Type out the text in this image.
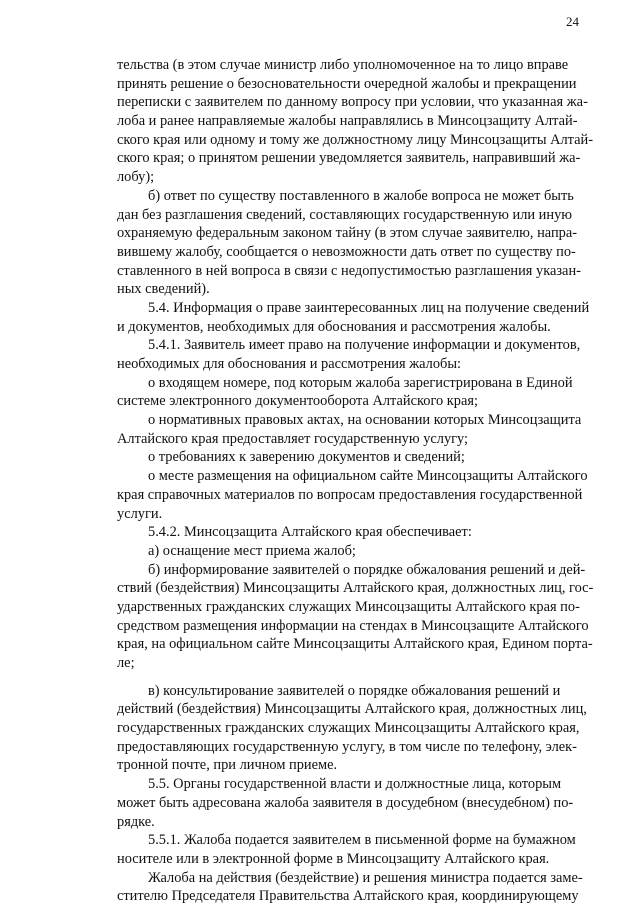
24
тельства (в этом случае министр либо уполномоченное на то лицо вправе
принять решение о безосновательности очередной жалобы и прекращении
переписки с заявителем по данному вопросу при условии, что указанная жа-
лоба и ранее направляемые жалобы направлялись в Минсоцзащиту Алтай-
ского края или одному и тому же должностному лицу Минсоцзащиты Алтай-
ского края; о принятом решении уведомляется заявитель, направивший жа-
лобу);
б) ответ по существу поставленного в жалобе вопроса не может быть
дан без разглашения сведений, составляющих государственную или иную
охраняемую федеральным законом тайну (в этом случае заявителю, напра-
вившему жалобу, сообщается о невозможности дать ответ по существу по-
ставленного в ней вопроса в связи с недопустимостью разглашения указан-
ных сведений).
5.4. Информация о праве заинтересованных лиц на получение сведений
и документов, необходимых для обоснования и рассмотрения жалобы.
5.4.1. Заявитель имеет право на получение информации и документов,
необходимых для обоснования и рассмотрения жалобы:
о входящем номере, под которым жалоба зарегистрирована в Единой
системе электронного документооборота Алтайского края;
о нормативных правовых актах, на основании которых Минсоцзащита
Алтайского края предоставляет государственную услугу;
о требованиях к заверению документов и сведений;
о месте размещения на официальном сайте Минсоцзащиты Алтайского
края справочных материалов по вопросам предоставления государственной
услуги.
5.4.2. Минсоцзащита Алтайского края обеспечивает:
а) оснащение мест приема жалоб;
б) информирование заявителей о порядке обжалования решений и дей-
ствий (бездействия) Минсоцзащиты Алтайского края, должностных лиц, гос-
ударственных гражданских служащих Минсоцзащиты Алтайского края по-
средством размещения информации на стендах в Минсоцзащите Алтайского
края, на официальном сайте Минсоцзащиты Алтайского края, Едином порта-
ле;
в) консультирование заявителей о порядке обжалования решений и
действий (бездействия) Минсоцзащиты Алтайского края, должностных лиц,
государственных гражданских служащих Минсоцзащиты Алтайского края,
предоставляющих государственную услугу, в том числе по телефону, элек-
тронной почте, при личном приеме.
5.5. Органы государственной власти и должностные лица, которым
может быть адресована жалоба заявителя в досудебном (внесудебном) по-
рядке.
5.5.1. Жалоба подается заявителем в письменной форме на бумажном
носителе или в электронной форме в Минсоцзащиту Алтайского края.
Жалоба на действия (бездействие) и решения министра подается заме-
стителю Председателя Правительства Алтайского края, координирующему
